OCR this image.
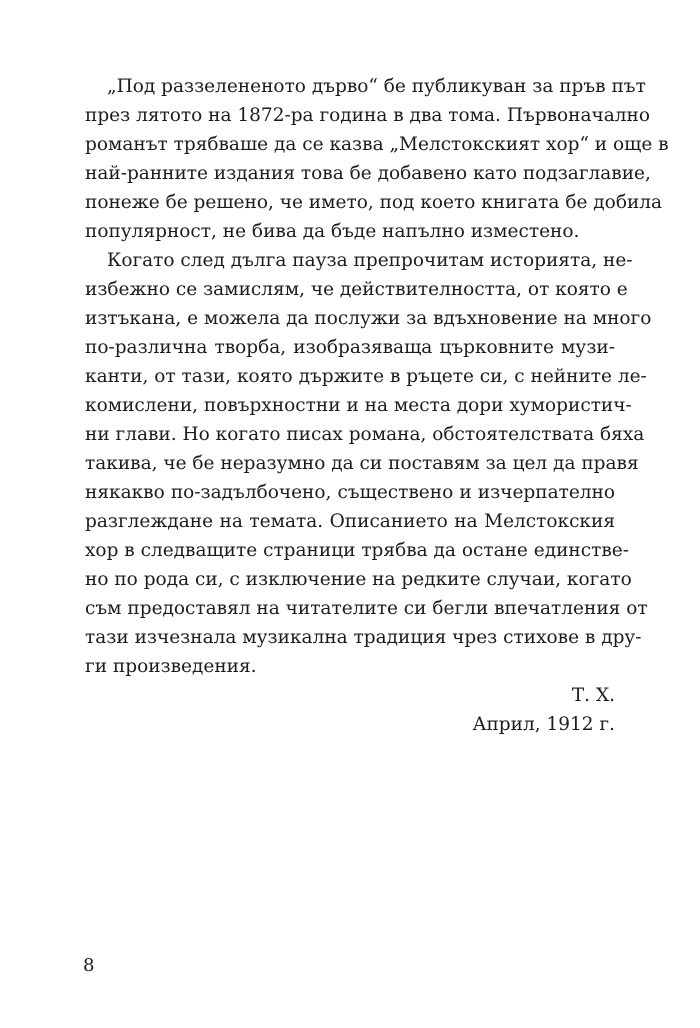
„Под раззелененото дърво“ бе публикуван за пръв път
през лятото на 1872-ра година в два тома. Първоначално
романът трябваше да се казва „Мелстокският хор“ и още в
най-ранните издания това бе добавено като подзаглавие,
понеже бе решено, че името, под което книгата бе добила
популярност, не бива да бъде напълно изместено.
Когато след дълга пауза препрочитам историята, не-
избежно се замислям, че действителността, от която е
изтъкана, е можела да послужи за вдъхновение на много
по-различна творба, изобразяваща църковните музи-
канти, от тази, която държите в ръцете си, с нейните ле-
комислени, повърхностни и на места дори хумористич-
ни глави. Но когато писах романа, обстоятелствата бяха
такива, че бе неразумно да си поставям за цел да правя
някакво по-задълбочено, съществено и изчерпателно
разглеждане на темата. Описанието на Мелстокския
хор в следващите страници трябва да остане единстве-
но по рода си, с изключение на редките случаи, когато
съм предоставял на читателите си бегли впечатления от
тази изчезнала музикална традиция чрез стихове в дру-
ги произведения.
Т. Х.
Април, 1912 г.
8
